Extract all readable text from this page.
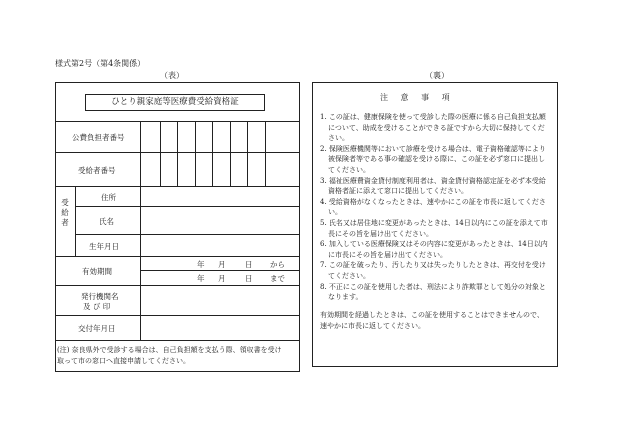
様式第2号（第4条関係）
（表）
ひとり親家庭等医療費受給資格証
公費負担者番号
受給者番号
受給者
住所
氏名
生年月日
有効期間
発行機関名
及 び 印
交付年月日
年 月	日 から
年 月	日 まで
(注) 奈良県外で受診する場合は、自己負担額を支払う際、領収書を受け取って市の窓口へ直接申請してください。
（裏）
注 意 事 項
1. この証は、健康保険を使って受診した際の医療に係る自己負担支払額について、助成を受けることができる証ですから大切に保持してください。
2. 保険医療機関等において診療を受ける場合は、電子資格確認等により被保険者等である事の確認を受ける際に、この証を必ず窓口に提出してください。
3. 福祉医療費資金貸付制度利用者は、資金貸付資格認定証を必ず本受給資格者証に添えて窓口に提出してください。
4. 受給資格がなくなったときは、速やかにこの証を市長に返してください。
5. 氏名又は居住地に変更があったときは、14日以内にこの証を添えて市長にその旨を届け出てください。
6. 加入している医療保険又はその内容に変更があったときは、14日以内に市長にその旨を届け出てください。
7. この証を破ったり、汚したり又は失ったりしたときは、再交付を受けてください。
8. 不正にこの証を使用した者は、刑法により詐欺罪として処分の対象となります。
有効期間を経過したときは、この証を使用することはできませんので、速やかに市長に返してください。
